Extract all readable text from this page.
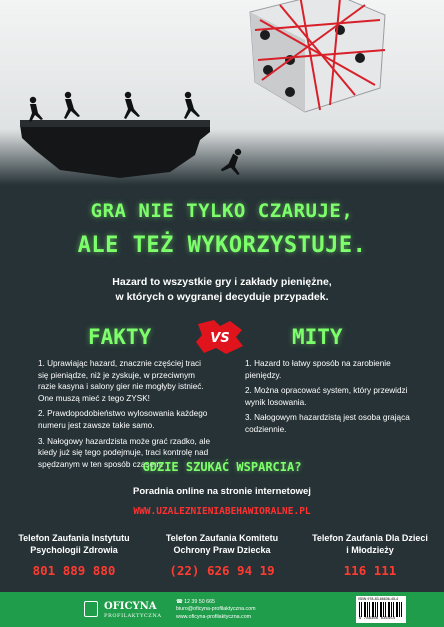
GRA NIE TYLKO CZARUJE,
ALE TEŻ WYKORZYSTUJE.
Hazard to wszystkie gry i zakłady pieniężne,
w których o wygranej decyduje przypadek.
FAKTY	VS	MITY
1. Uprawiając hazard, znacznie częściej traci się pieniądze, niż je zyskuje, w przeciwnym razie kasyna i salony gier nie mogłyby istnieć. One muszą mieć z tego ZYSK!
2. Prawdopodobieństwo wylosowania każdego numeru jest zawsze takie samo.
3. Nałogowy hazardzista może grać rzadko, ale kiedy już się tego podejmuje, traci kontrolę nad spędzanym w ten sposób czasem.
1. Hazard to łatwy sposób na zarobienie pieniędzy.
2. Można opracować system, który przewidzi wynik losowania.
3. Nałogowym hazardzistą jest osoba grająca codziennie.
GDZIE SZUKAĆ WSPARCIA?
Poradnia online na stronie internetowej
WWW.UZALEZNIENIABEHAWIORALNE.PL
Telefon Zaufania Instytutu
Psychologii Zdrowia
801 889 880
Telefon Zaufania Komitetu
Ochrony Praw Dziecka
(22) 626 94 19
Telefon Zaufania Dla Dzieci
i Młodzieży
116 111
OFICYNA
PROFILAKTYCZNA
☎ 12 39 50 665
biuro@oficyna-profilaktyczna.com
www.oficyna-profilaktyczna.com
ISBN 978-83-66636-45-4
9 788366 636454
